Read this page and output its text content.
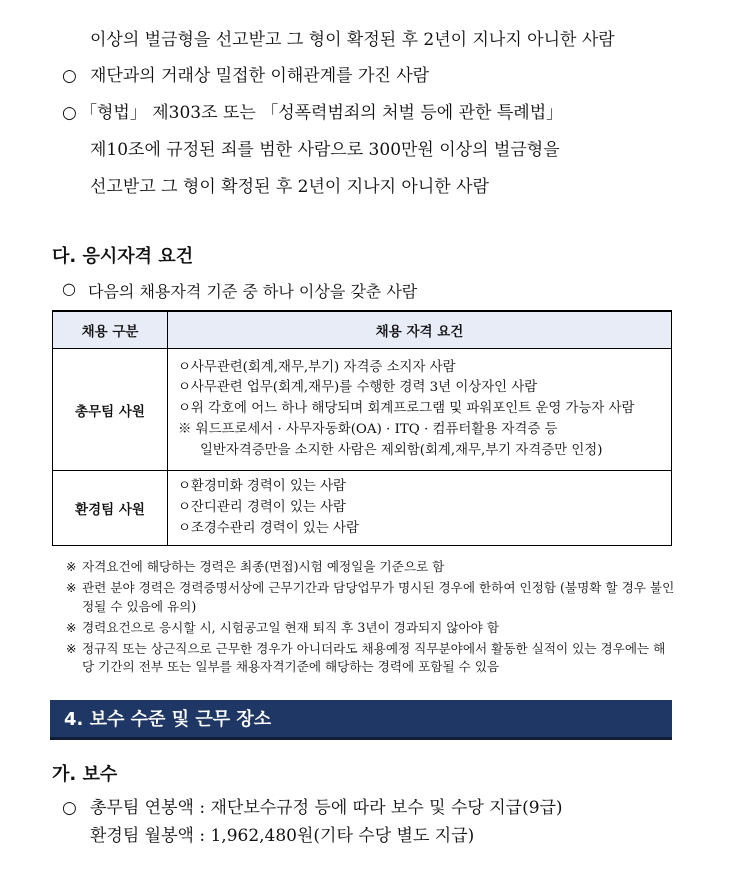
이상의 벌금형을 선고받고 그 형이 확정된 후 2년이 지나지 아니한 사람
○ 재단과의 거래상 밀접한 이해관계를 가진 사람
○ 「형법」 제303조 또는 「성폭력범죄의 처벌 등에 관한 특례법」
제10조에 규정된 죄를 범한 사람으로 300만원 이상의 벌금형을
선고받고 그 형이 확정된 후 2년이 지나지 아니한 사람
다. 응시자격 요건
○ 다음의 채용자격 기준 중 하나 이상을 갖춘 사람
채용 구분	채용 자격 요건
총무팀 사원	ㅇ사무관련(회계,재무,부기) 자격증 소지자 사람
ㅇ사무관련 업무(회계,재무)를 수행한 경력 3년 이상자인 사람
ㅇ위 각호에 어느 하나 해당되며 회계프로그램 및 파워포인트 운영 가능자 사람
※ 워드프로세서 · 사무자동화(OA) · ITQ · 컴퓨터활용 자격증 등
일반자격증만을 소지한 사람은 제외함(회계,재무,부기 자격증만 인정)

환경팀 사원	ㅇ환경미화 경력이 있는 사람
ㅇ잔디관리 경력이 있는 사람
ㅇ조경수관리 경력이 있는 사람
※ 자격요건에 해당하는 경력은 최종(면접)시험 예정일을 기준으로 함
※ 관련 분야 경력은 경력증명서상에 근무기간과 담당업무가 명시된 경우에 한하여 인정함 (불명확 할 경우 불인정될 수 있음에 유의)
※ 경력요건으로 응시할 시, 시험공고일 현재 퇴직 후 3년이 경과되지 않아야 함
※ 정규직 또는 상근직으로 근무한 경우가 아니더라도 채용예정 직무분야에서 활동한 실적이 있는 경우에는 해당 기간의 전부 또는 일부를 채용자격기준에 해당하는 경력에 포함될 수 있음
4. 보수 수준 및 근무 장소
가. 보수
○ 총무팀 연봉액 : 재단보수규정 등에 따라 보수 및 수당 지급(9급)
환경팀 월봉액 : 1,962,480원(기타 수당 별도 지급)
